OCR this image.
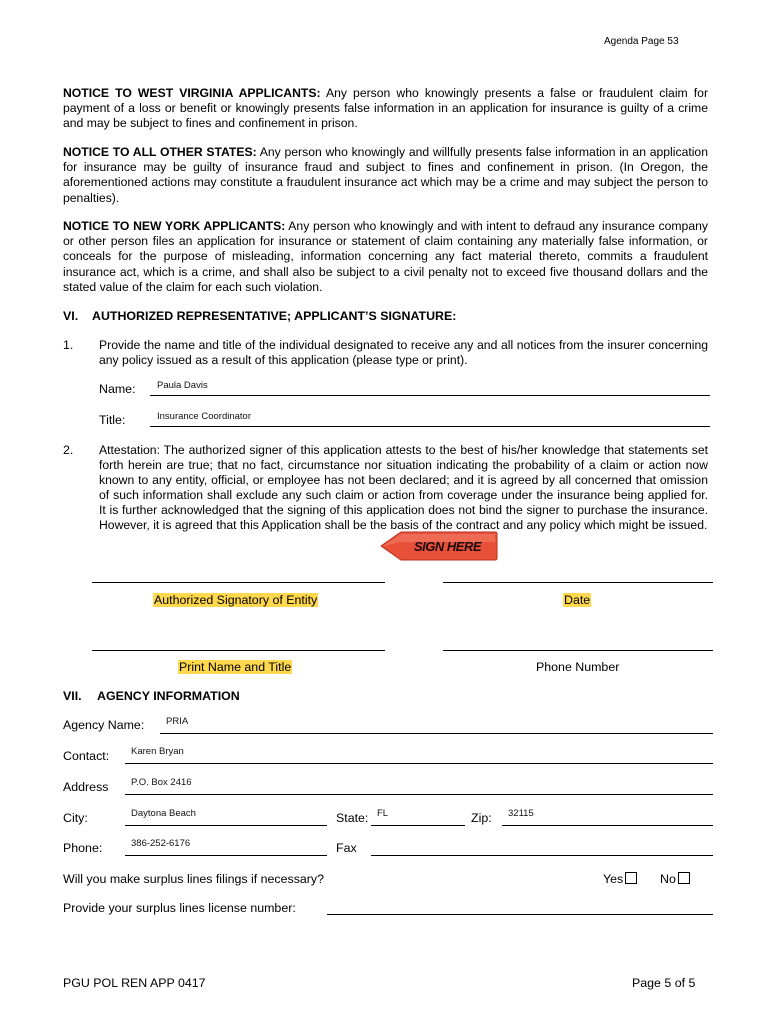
Agenda Page 53

NOTICE TO WEST VIRGINIA APPLICANTS: Any person who knowingly presents a false or fraudulent claim for payment of a loss or benefit or knowingly presents false information in an application for insurance is guilty of a crime and may be subject to fines and confinement in prison.

NOTICE TO ALL OTHER STATES: Any person who knowingly and willfully presents false information in an application for insurance may be guilty of insurance fraud and subject to fines and confinement in prison. (In Oregon, the aforementioned actions may constitute a fraudulent insurance act which may be a crime and may subject the person to penalties).

NOTICE TO NEW YORK APPLICANTS: Any person who knowingly and with intent to defraud any insurance company or other person files an application for insurance or statement of claim containing any materially false information, or conceals for the purpose of misleading, information concerning any fact material thereto, commits a fraudulent insurance act, which is a crime, and shall also be subject to a civil penalty not to exceed five thousand dollars and the stated value of the claim for each such violation.

VI. AUTHORIZED REPRESENTATIVE; APPLICANT’S SIGNATURE:
1. Provide the name and title of the individual designated to receive any and all notices from the insurer concerning any policy issued as a result of this application (please type or print).

Name: Paula Davis
Title:	Insurance Coordinator
2. Attestation: The authorized signer of this application attests to the best of his/her knowledge that statements set forth herein are true; that no fact, circumstance nor situation indicating the probability of a claim or action now known to any entity, official, or employee has not been declared; and it is agreed by all concerned that omission of such information shall exclude any such claim or action from coverage under the insurance being applied for. It is further acknowledged that the signing of this application does not bind the signer to purchase the insurance. However, it is agreed that this Application shall be the basis of the contract and any policy which might be issued.

SIGN HERE
Authorized Signatory of Entity	Date
Print Name and Title	Phone Number
VII. AGENCY INFORMATION
Agency Name: PRIA
Contact: Karen Bryan
Address P.O. Box 2416
City:	Daytona Beach	State: FL	Zip: 32115
Phone:	386-252-6176	Fax
Will you make surplus lines filings if necessary?	Yes	No
Provide your surplus lines license number:
PGU POL REN APP 0417	Page 5 of 5
